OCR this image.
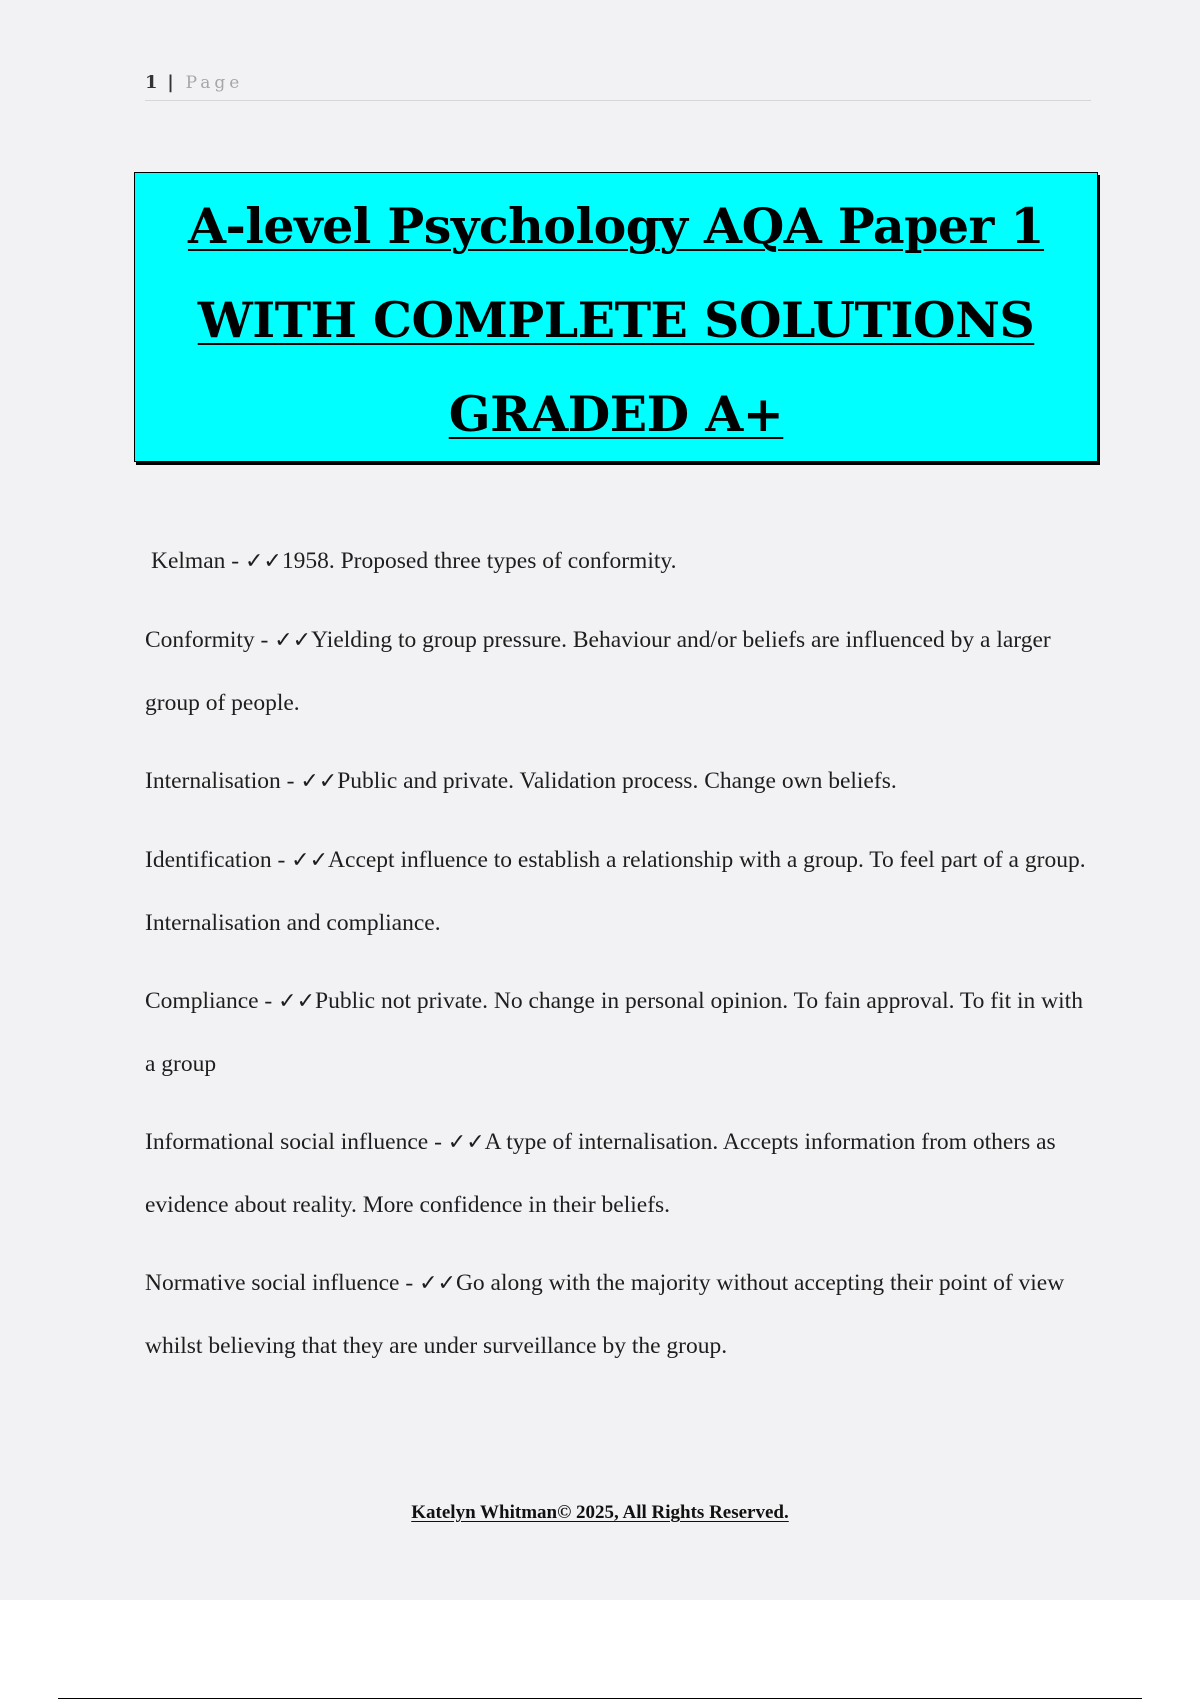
1 | Page
A-level Psychology AQA Paper 1
WITH COMPLETE SOLUTIONS
GRADED A+

Kelman - ✓✓1958. Proposed three types of conformity.

Conformity - ✓✓Yielding to group pressure. Behaviour and/or beliefs are influenced by a larger group of people.

Internalisation - ✓✓Public and private. Validation process. Change own beliefs.

Identification - ✓✓Accept influence to establish a relationship with a group. To feel part of a group. Internalisation and compliance.

Compliance - ✓✓Public not private. No change in personal opinion. To fain approval. To fit in with a group

Informational social influence - ✓✓A type of internalisation. Accepts information from others as evidence about reality. More confidence in their beliefs.

Normative social influence - ✓✓Go along with the majority without accepting their point of view whilst believing that they are under surveillance by the group.

Katelyn Whitman© 2025, All Rights Reserved.
